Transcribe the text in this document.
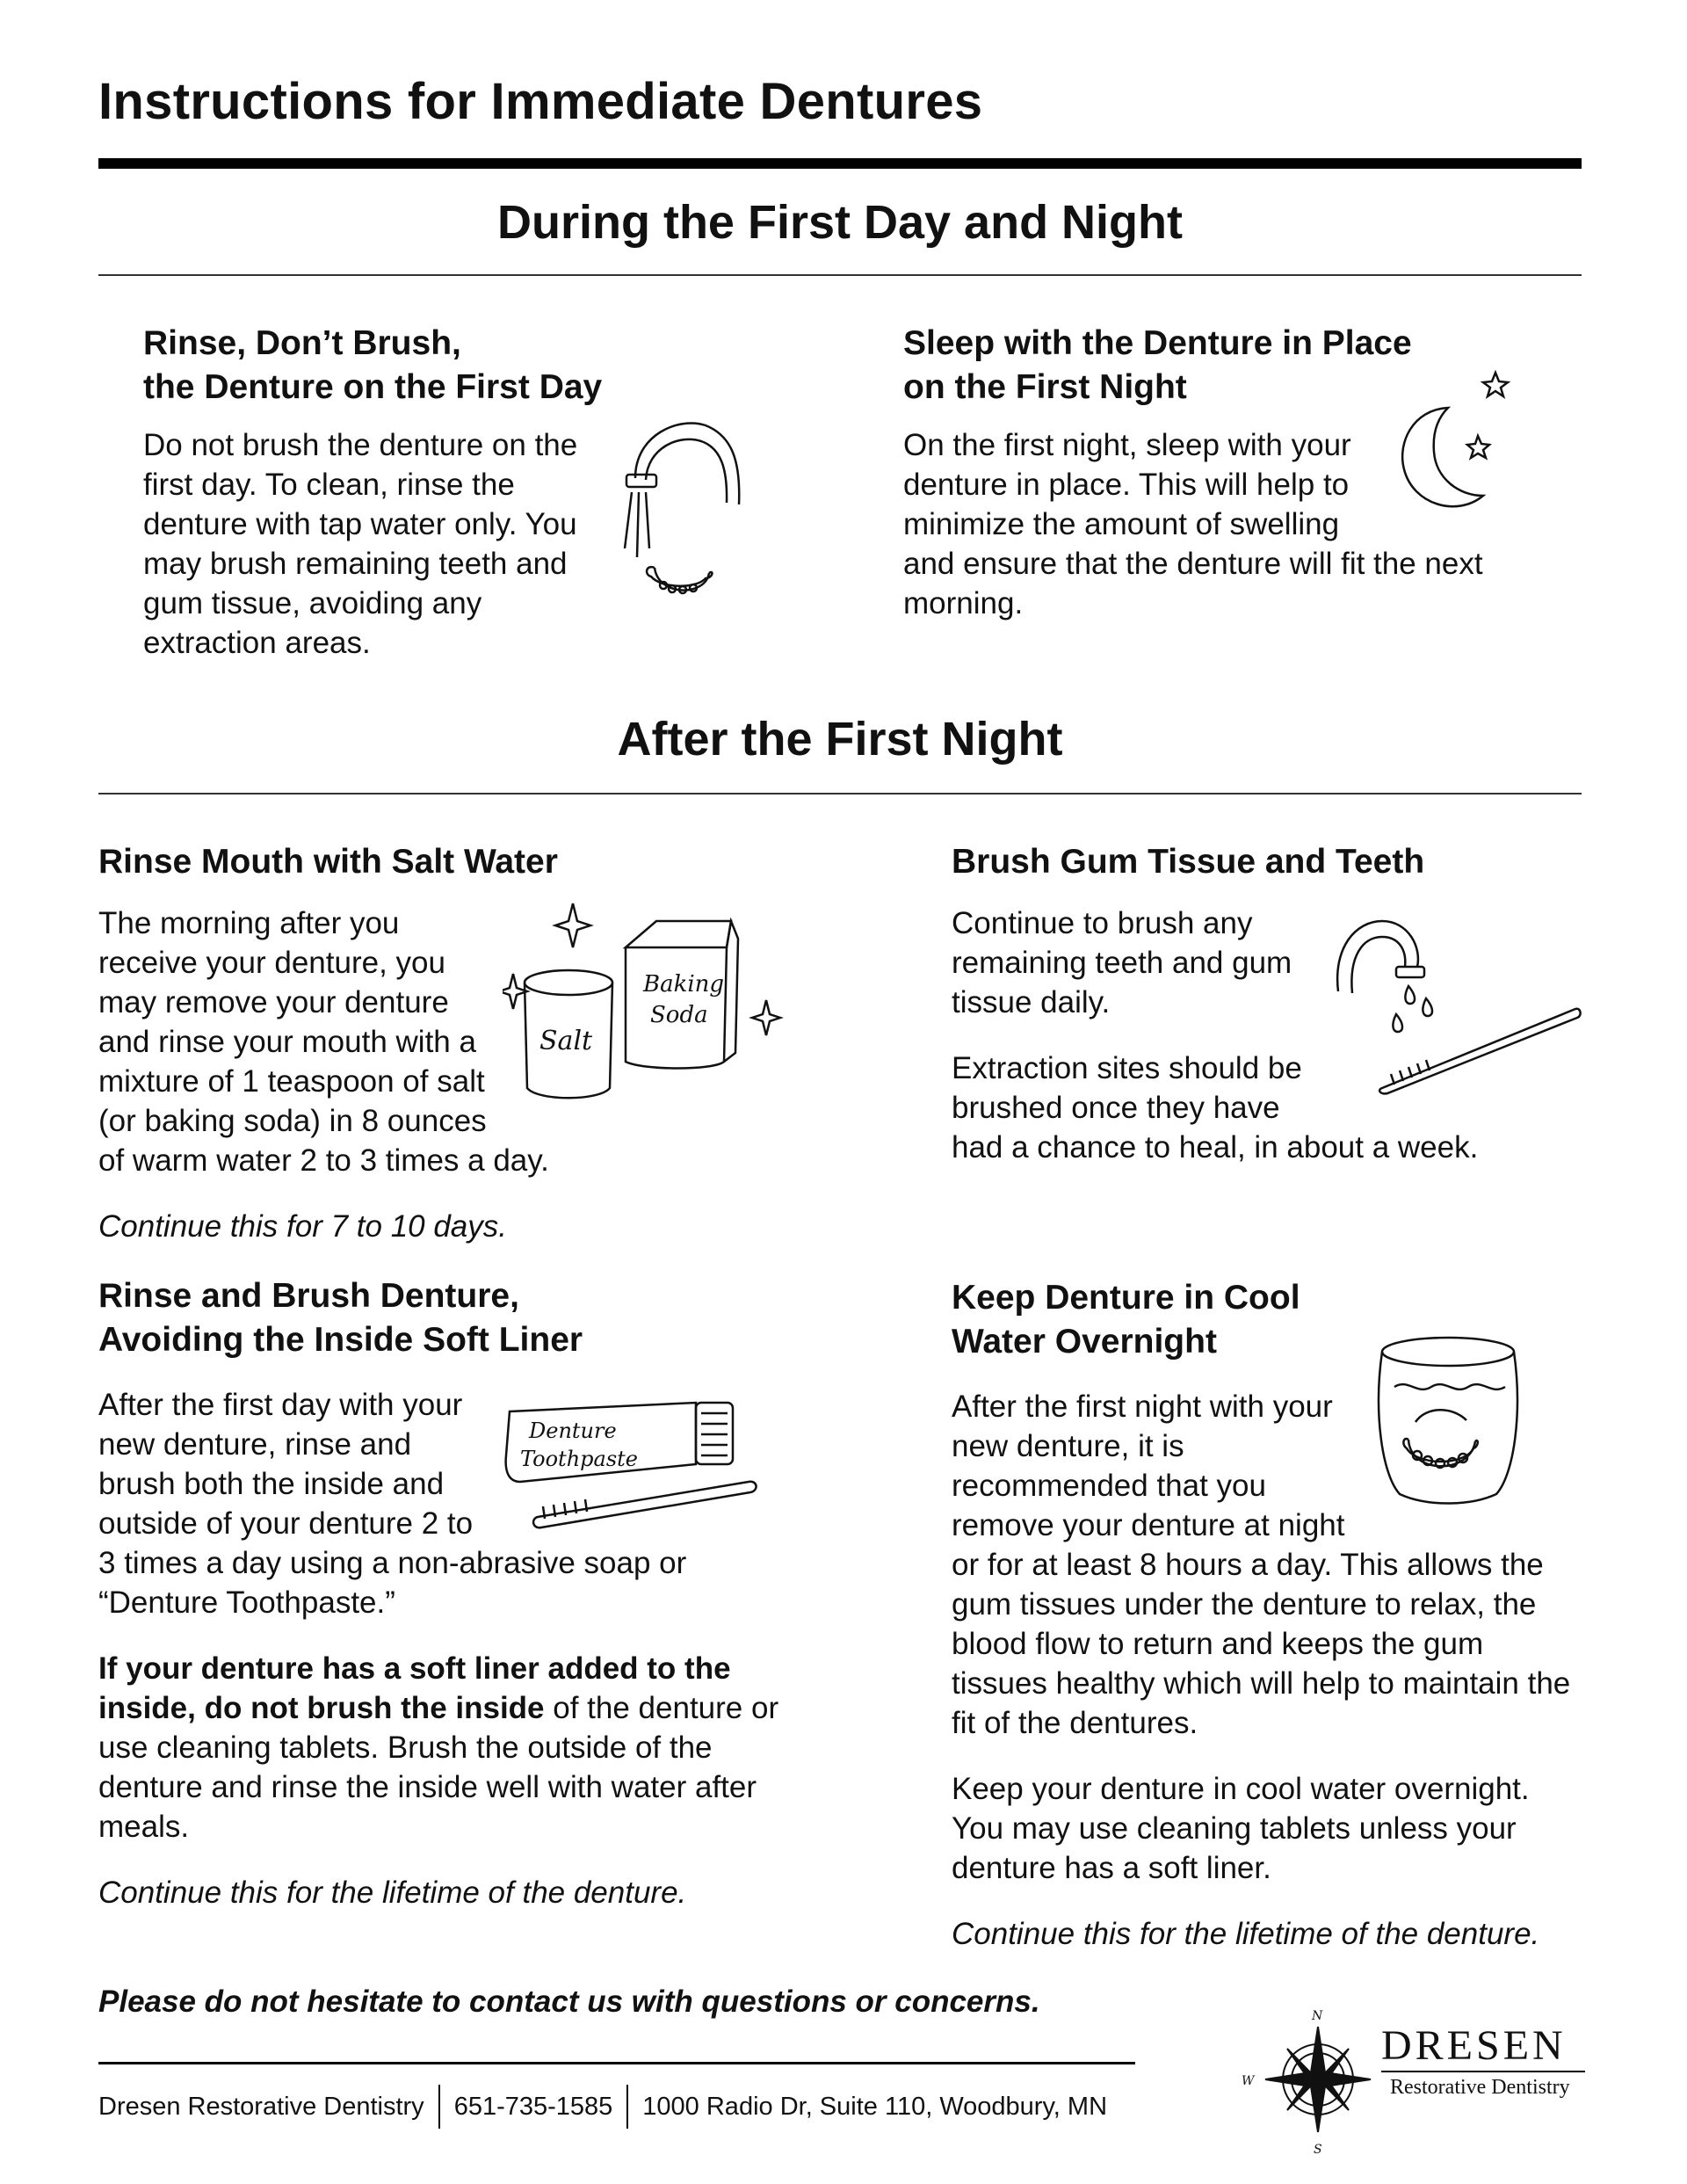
Instructions for Immediate Dentures
During the First Day and Night
Rinse, Don’t Brush,
the Denture on the First Day

Do not brush the denture on the first day. To clean, rinse the denture with tap water only. You may brush remaining teeth and gum tissue, avoiding any extraction areas.

Sleep with the Denture in Place
on the First Night

On the first night, sleep with your denture in place. This will help to minimize the amount of swelling and ensure that the denture will fit the next morning.

After the First Night
Rinse Mouth with Salt Water
Salt
Baking
Soda

The morning after you receive your denture, you may remove your denture and rinse your mouth with a mixture of 1 teaspoon of salt (or baking soda) in 8 ounces of warm water 2 to 3 times a day.

Continue this for 7 to 10 days.

Brush Gum Tissue and Teeth

Continue to brush any remaining teeth and gum tissue daily.

Extraction sites should be brushed once they have had a chance to heal, in about a week.

Rinse and Brush Denture,
Avoiding the Inside Soft Liner
Denture
Toothpaste

After the first day with your new denture, rinse and brush both the inside and outside of your denture 2 to 3 times a day using a non-abrasive soap or “Denture Toothpaste.”

If your denture has a soft liner added to the inside, do not brush the inside of the denture or use cleaning tablets. Brush the outside of the denture and rinse the inside well with water after meals.

Continue this for the lifetime of the denture.

Keep Denture in Cool
Water Overnight

After the first night with your new denture, it is recommended that you remove your denture at night or for at least 8 hours a day. This allows the gum tissues under the denture to relax, the blood flow to return and keeps the gum tissues healthy which will help to maintain the fit of the dentures.

Keep your denture in cool water overnight. You may use cleaning tablets unless your denture has a soft liner.

Continue this for the lifetime of the denture.

Please do not hesitate to contact us with questions or concerns.
Dresen Restorative Dentistry 651-735-1585 1000 Radio Dr, Suite 110, Woodbury, MN
N
W
S
DRESEN
Restorative Dentistry
